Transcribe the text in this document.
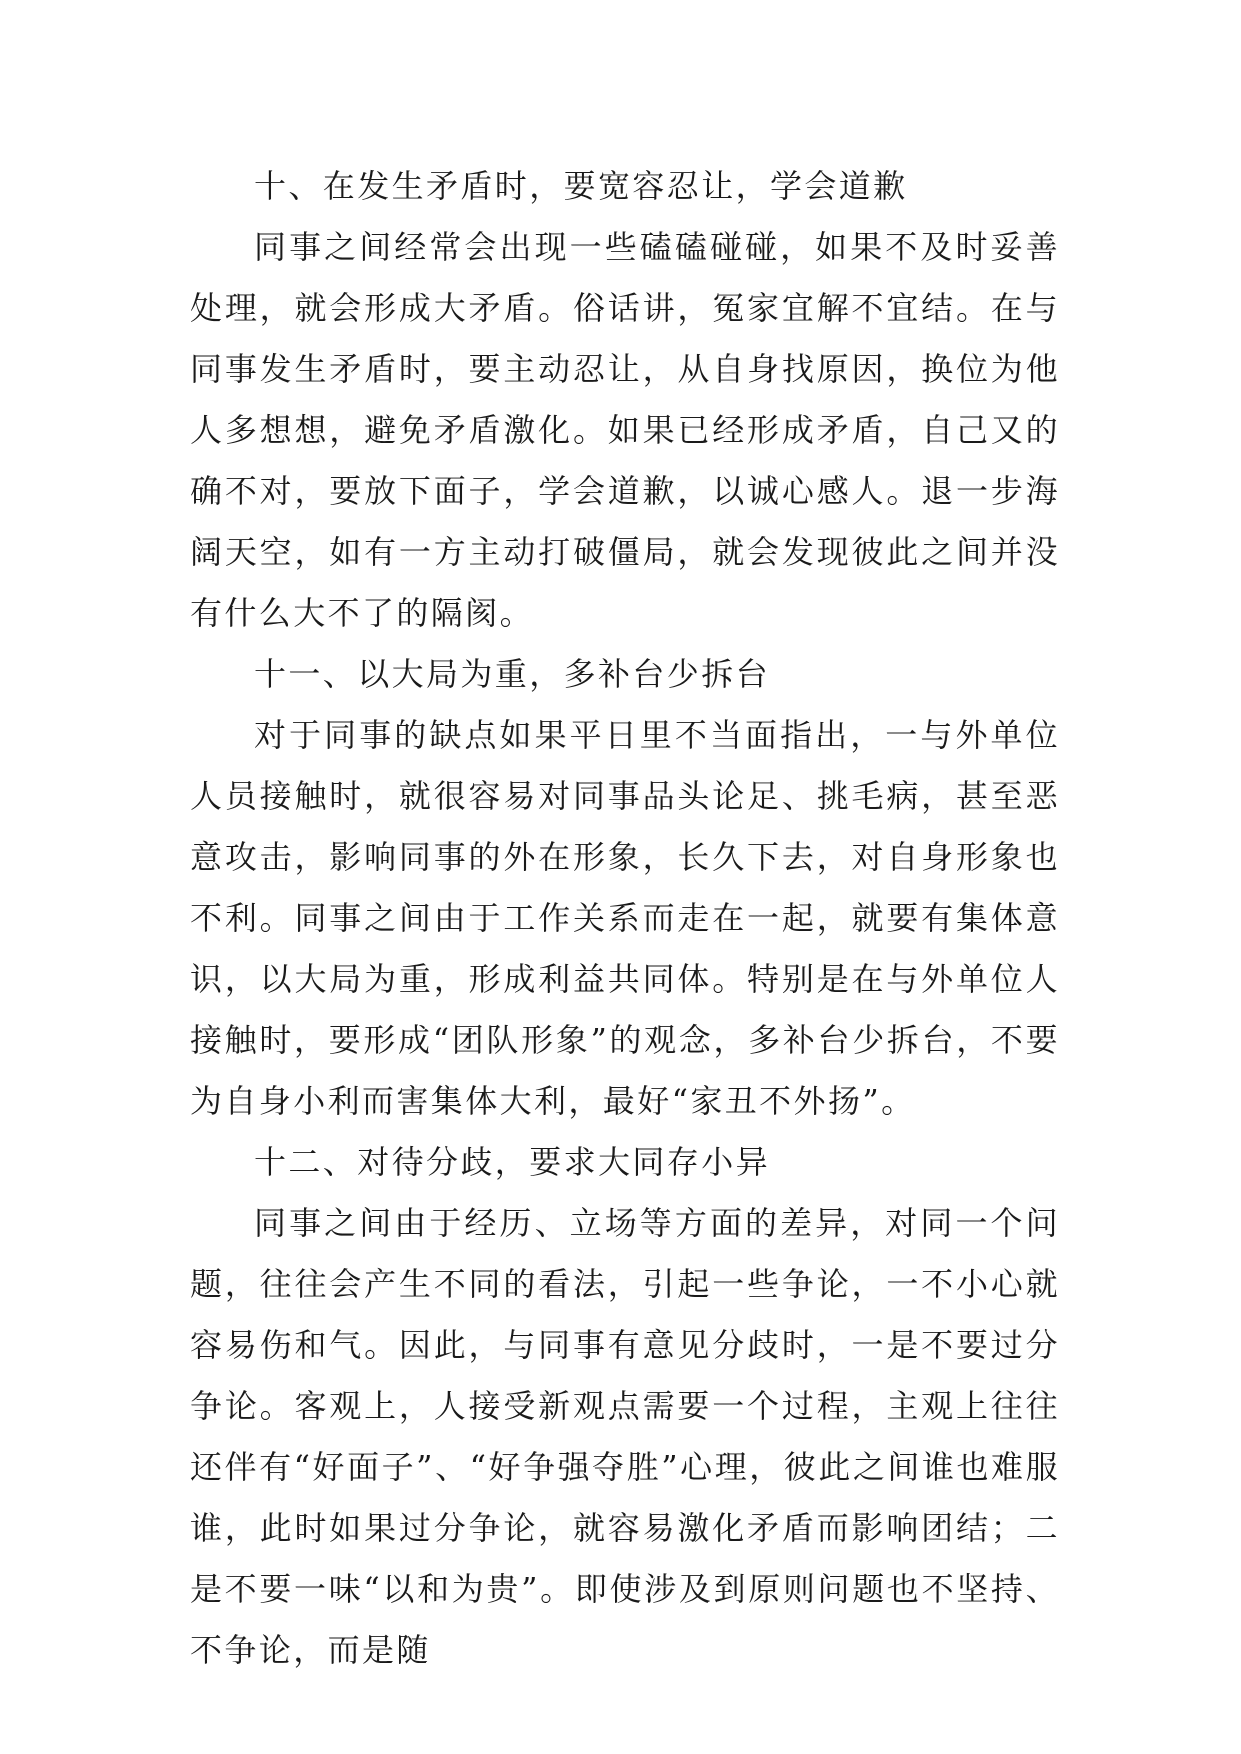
十、在发生矛盾时，要宽容忍让，学会道歉

同事之间经常会出现一些磕磕碰碰，如果不及时妥善处理，就会形成大矛盾。俗话讲，冤家宜解不宜结。在与同事发生矛盾时，要主动忍让，从自身找原因，换位为他人多想想，避免矛盾激化。如果已经形成矛盾，自己又的确不对，要放下面子，学会道歉，以诚心感人。退一步海阔天空，如有一方主动打破僵局，就会发现彼此之间并没有什么大不了的隔阂。

十一、以大局为重，多补台少拆台

对于同事的缺点如果平日里不当面指出，一与外单位人员接触时，就很容易对同事品头论足、挑毛病，甚至恶意攻击，影响同事的外在形象，长久下去，对自身形象也不利。同事之间由于工作关系而走在一起，就要有集体意识，以大局为重，形成利益共同体。特别是在与外单位人接触时，要形成“团队形象”的观念，多补台少拆台，不要为自身小利而害集体大利，最好“家丑不外扬”。

十二、对待分歧，要求大同存小异

同事之间由于经历、立场等方面的差异，对同一个问题，往往会产生不同的看法，引起一些争论，一不小心就容易伤和气。因此，与同事有意见分歧时，一是不要过分争论。客观上，人接受新观点需要一个过程，主观上往往还伴有“好面子”、“好争强夺胜”心理，彼此之间谁也难服谁，此时如果过分争论，就容易激化矛盾而影响团结；二是不要一味“以和为贵”。即使涉及到原则问题也不坚持、不争论，而是随
